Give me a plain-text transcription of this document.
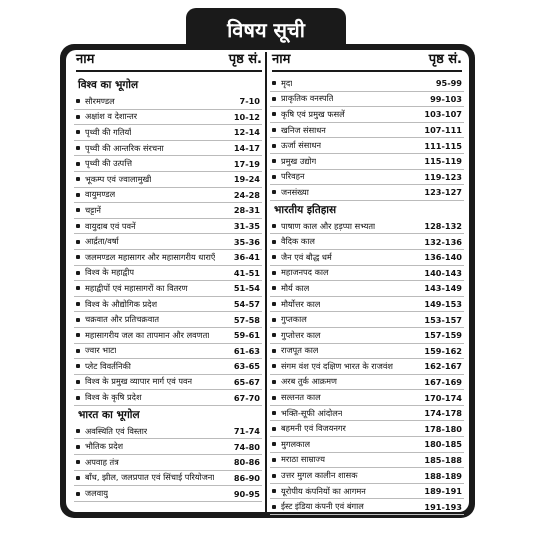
विषय सूची
नाम	पृष्ठ सं. नाम	पृष्ठ सं.
विश्व का भूगोल
सौरमण्डल	7-10
अक्षांश व देशान्तर	10-12
पृथ्वी की गतियाँ	12-14
पृथ्वी की आन्तरिक संरचना	14-17
पृथ्वी की उत्पत्ति	17-19
भूकम्प एवं ज्वालामुखी	19-24
वायुमण्डल	24-28
चट्टानें	28-31
वायुदाब एवं पवनें	31-35
आर्द्रता/वर्षा	35-36
जलमण्डल महासागर और महासागरीय धाराएँ 36-41
विश्व के महाद्वीप	41-51
महाद्वीपों एवं महासागरों का वितरण	51-54
विश्व के औद्योगिक प्रदेश	54-57
चक्रवात और प्रतिचक्रवात	57-58
महासागरीय जल का तापमान और लवणता	59-61
ज्वार भाटा	61-63
प्लेट विवर्तनिकी	63-65
विश्व के प्रमुख व्यापार मार्ग एवं पवन	65-67
विश्व के कृषि प्रदेश	67-70
भारत का भूगोल
अवस्थिति एवं विस्तार	71-74
भौतिक प्रदेश	74-80
अपवाह तंत्र	80-86
बाँध, झील, जलप्रपात एवं सिंचाई परियोजना 86-90
जलवायु	90-95
मृदा	95-99
प्राकृतिक वनस्पति	99-103
कृषि एवं प्रमुख फसलें	103-107
खनिज संसाधन	107-111
ऊर्जा संसाधन	111-115
प्रमुख उद्योग	115-119
परिवहन	119-123
जनसंख्या	123-127
भारतीय इतिहास
पाषाण काल और हड़प्पा सभ्यता	128-132
वैदिक काल	132-136
जैन एवं बौद्ध धर्म	136-140
महाजनपद काल	140-143
मौर्य काल	143-149
मौर्योत्तर काल	149-153
गुप्तकाल	153-157
गुप्तोत्तर काल	157-159
राजपूत काल	159-162
संगम वंश एवं दक्षिण भारत के राजवंश	162-167
अरब तुर्क आक्रमण	167-169
सल्तनत काल	170-174
भक्ति-सूफी आंदोलन	174-178
बहमनी एवं विजयनगर	178-180
मुगलकाल	180-185
मराठा साम्राज्य	185-188
उत्तर मुगल कालीन शासक	188-189
यूरोपीय कंपनियों का आगमन	189-191
ईस्ट इंडिया कंपनी एवं बंगाल	191-193
